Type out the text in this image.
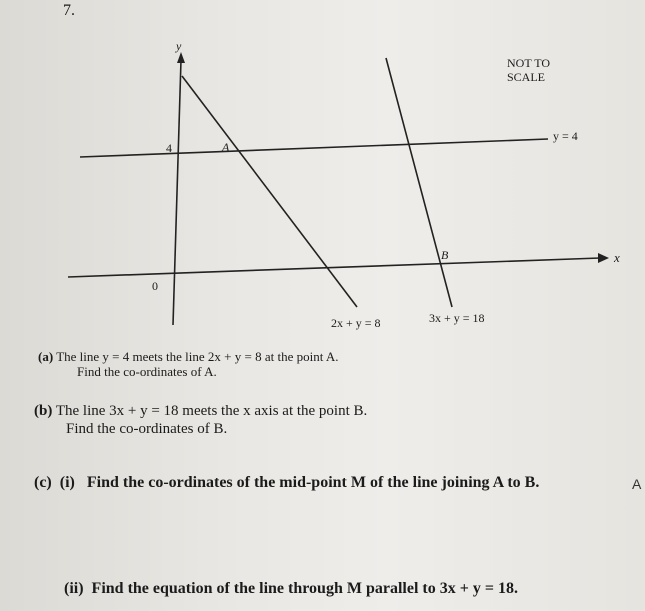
7.
y
x
0
4	A
B
NOT TO
SCALE
y = 4
2x + y = 8	3x + y = 18
(a) The line y = 4 meets the line 2x + y = 8 at the point A.
Find the co-ordinates of A.
(b) The line 3x + y = 18 meets the x axis at the point B.
Find the co-ordinates of B.
(c) (i) Find the co-ordinates of the mid-point M of the line joining A to B.	A
(ii) Find the equation of the line through M parallel to 3x + y = 18.
